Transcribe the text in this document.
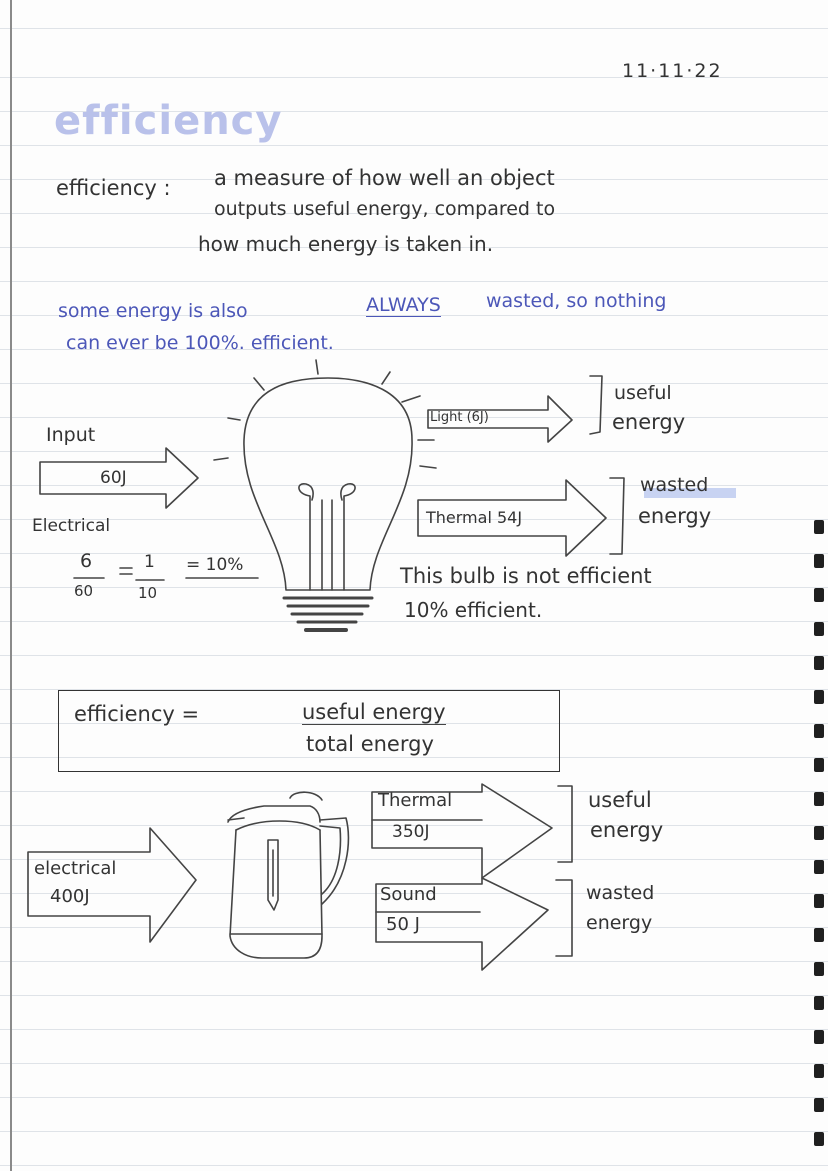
11·11·22
efficiency
efficiency : a measure of how well an object
outputs useful energy, compared to
how much energy is taken in.
some energy is also	ALWAYS wasted, so nothing
can ever be 100%. efficient.
Input
60J
Electrical
6
60
1
10
= 10%
Light (6J)
Thermal 54J
useful
energy
wasted
energy
This bulb is not efficient
10% efficient.
efficiency =	useful energy
total energy
electrical
400J
Thermal
350J
Sound
50 J
useful
energy
wasted
energy
